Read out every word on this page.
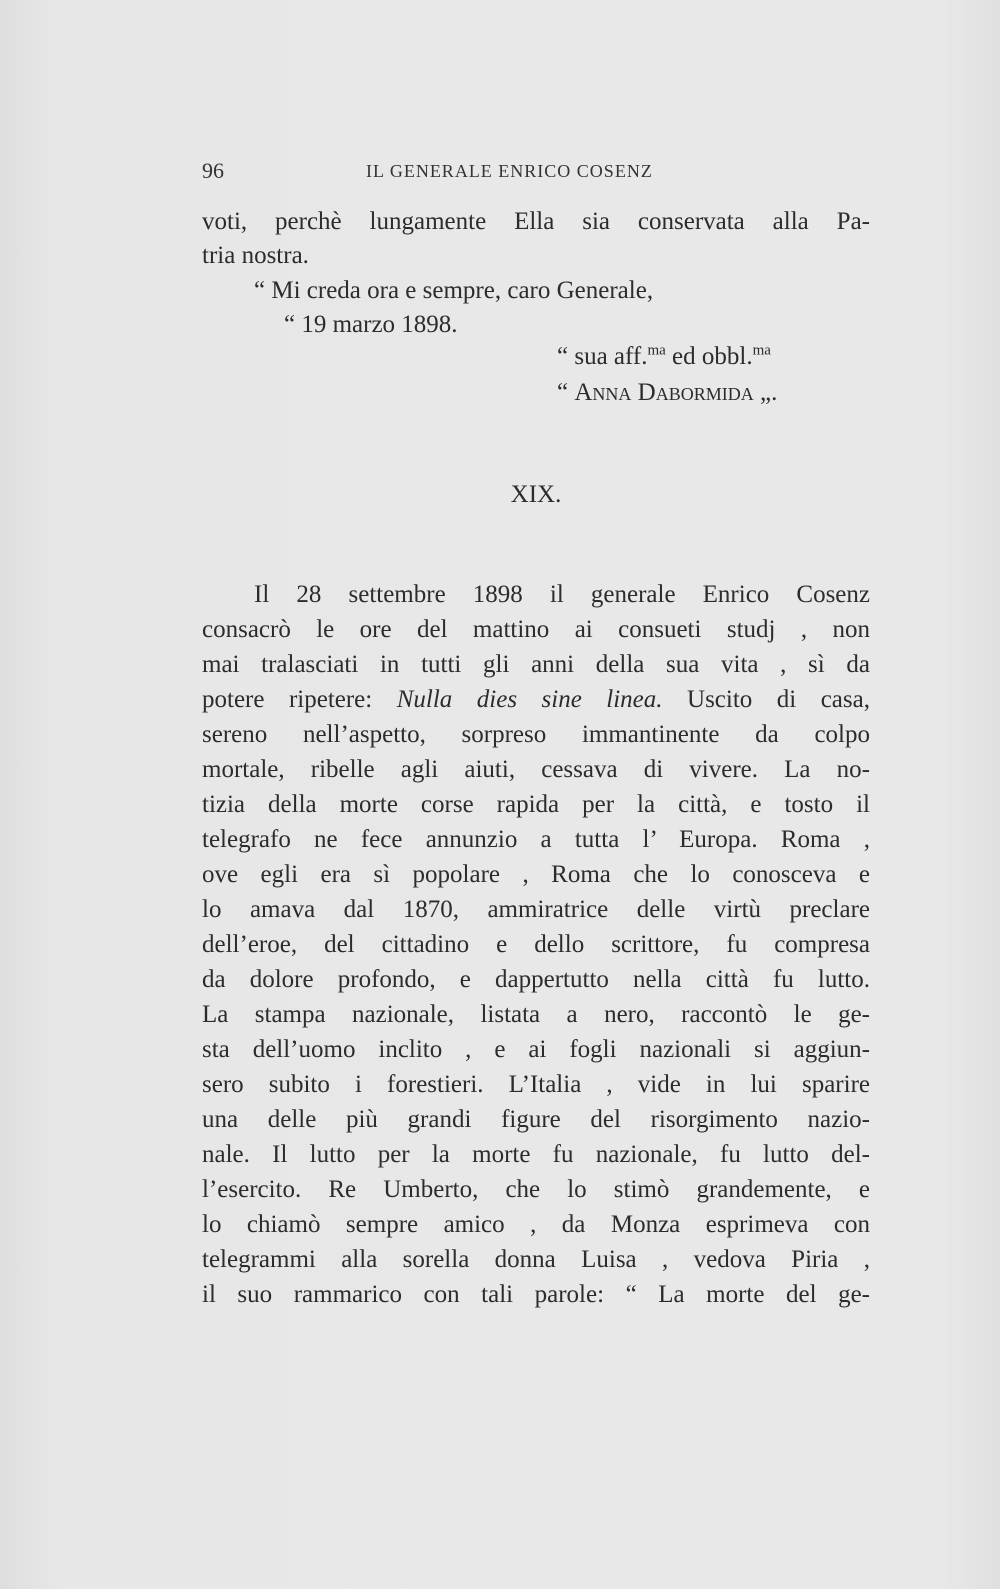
96	IL GENERALE ENRICO COSENZ
voti, perchè lungamente Ella sia conservata alla Pa-
tria nostra.
“ Mi creda ora e sempre, caro Generale,
“ 19 marzo 1898.
“ sua aff.$^{ma}$ ed obbl.$^{ma}$
“ Anna Dabormida „.
XIX.
Il 28 settembre 1898 il generale Enrico Cosenz
consacrò le ore del mattino ai consueti studj , non
mai tralasciati in tutti gli anni della sua vita , sì da
potere ripetere: Nulla dies sine linea. Uscito di casa,
sereno nell’aspetto, sorpreso immantinente da colpo
mortale, ribelle agli aiuti, cessava di vivere. La no-
tizia della morte corse rapida per la città, e tosto il
telegrafo ne fece annunzio a tutta l’ Europa. Roma ,
ove egli era sì popolare , Roma che lo conosceva e
lo amava dal 1870, ammiratrice delle virtù preclare
dell’eroe, del cittadino e dello scrittore, fu compresa
da dolore profondo, e dappertutto nella città fu lutto.
La stampa nazionale, listata a nero, raccontò le ge-
sta dell’uomo inclito , e ai fogli nazionali si aggiun-
sero subito i forestieri. L’Italia , vide in lui sparire
una delle più grandi figure del risorgimento nazio-
nale. Il lutto per la morte fu nazionale, fu lutto del-
l’esercito. Re Umberto, che lo stimò grandemente, e
lo chiamò sempre amico , da Monza esprimeva con
telegrammi alla sorella donna Luisa , vedova Piria ,
il suo rammarico con tali parole: “ La morte del ge-
